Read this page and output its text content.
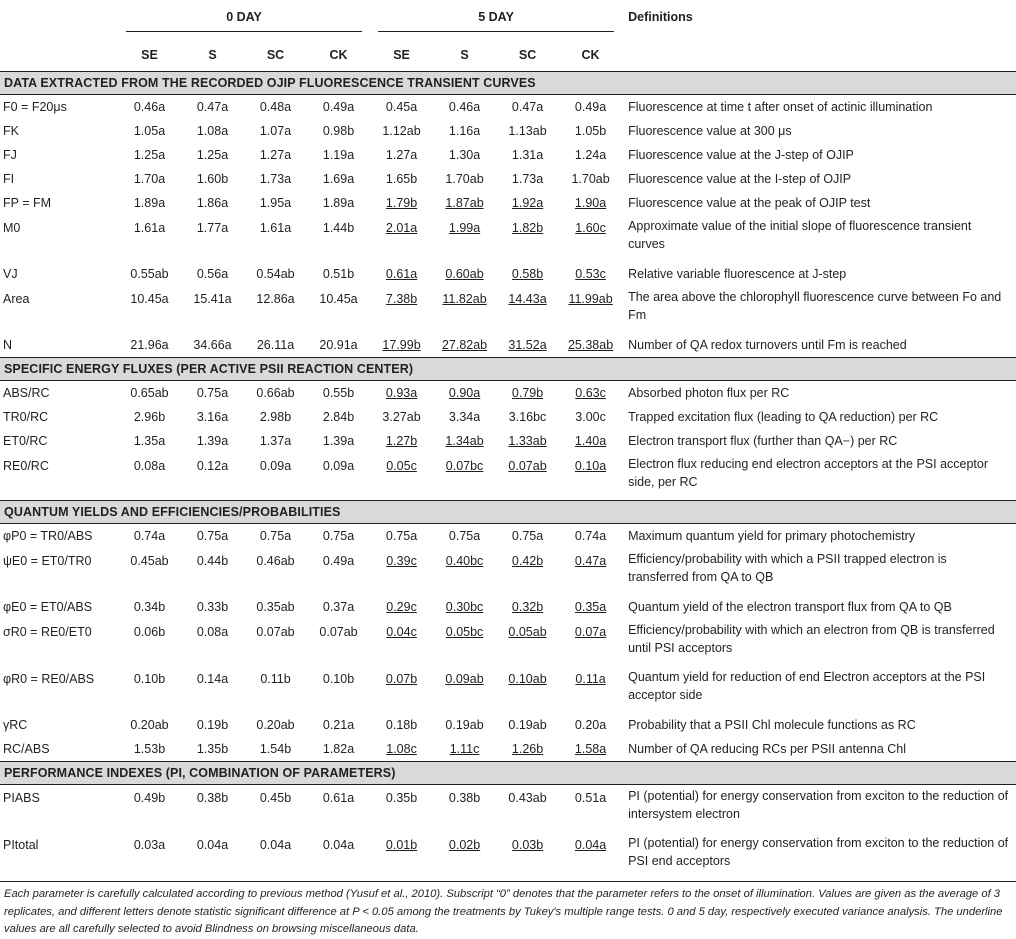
	0 DAY				5 DAY				Definitions
	SE	S	SC	CK	SE	S	SC	CK	
DATA EXTRACTED FROM THE RECORDED OJIP FLUORESCENCE TRANSIENT CURVES									
F0 = F20μs	0.46a	0.47a	0.48a	0.49a	0.45a	0.46a	0.47a	0.49a	Fluorescence at time t after onset of actinic illumination
FK	1.05a	1.08a	1.07a	0.98b	1.12ab	1.16a	1.13ab	1.05b	Fluorescence value at 300 μs
FJ	1.25a	1.25a	1.27a	1.19a	1.27a	1.30a	1.31a	1.24a	Fluorescence value at the J-step of OJIP
FI	1.70a	1.60b	1.73a	1.69a	1.65b	1.70ab	1.73a	1.70ab	Fluorescence value at the I-step of OJIP
FP = FM	1.89a	1.86a	1.95a	1.89a	1.79b	1.87ab	1.92a	1.90a	Fluorescence value at the peak of OJIP test
M0	1.61a	1.77a	1.61a	1.44b	2.01a	1.99a	1.82b	1.60c	Approximate value of the initial slope of fluorescence transient curves
VJ	0.55ab	0.56a	0.54ab	0.51b	0.61a	0.60ab	0.58b	0.53c	Relative variable fluorescence at J-step
Area	10.45a	15.41a	12.86a	10.45a	7.38b	11.82ab	14.43a	11.99ab	The area above the chlorophyll fluorescence curve between Fo and Fm
N	21.96a	34.66a	26.11a	20.91a	17.99b	27.82ab	31.52a	25.38ab	Number of QA redox turnovers until Fm is reached
SPECIFIC ENERGY FLUXES (PER ACTIVE PSII REACTION CENTER)									
ABS/RC	0.65ab	0.75a	0.66ab	0.55b	0.93a	0.90a	0.79b	0.63c	Absorbed photon flux per RC
TR0/RC	2.96b	3.16a	2.98b	2.84b	3.27ab	3.34a	3.16bc	3.00c	Trapped excitation flux (leading to QA reduction) per RC
ET0/RC	1.35a	1.39a	1.37a	1.39a	1.27b	1.34ab	1.33ab	1.40a	Electron transport flux (further than QA−) per RC
RE0/RC	0.08a	0.12a	0.09a	0.09a	0.05c	0.07bc	0.07ab	0.10a	Electron flux reducing end electron acceptors at the PSI acceptor side, per RC
QUANTUM YIELDS AND EFFICIENCIES/PROBABILITIES									
φP0 = TR0/ABS	0.74a	0.75a	0.75a	0.75a	0.75a	0.75a	0.75a	0.74a	Maximum quantum yield for primary photochemistry
ψE0 = ET0/TR0	0.45ab	0.44b	0.46ab	0.49a	0.39c	0.40bc	0.42b	0.47a	Efficiency/probability with which a PSII trapped electron is transferred from QA to QB
φE0 = ET0/ABS	0.34b	0.33b	0.35ab	0.37a	0.29c	0.30bc	0.32b	0.35a	Quantum yield of the electron transport flux from QA to QB
σR0 = RE0/ET0	0.06b	0.08a	0.07ab	0.07ab	0.04c	0.05bc	0.05ab	0.07a	Efficiency/probability with which an electron from QB is transferred until PSI acceptors
φR0 = RE0/ABS	0.10b	0.14a	0.11b	0.10b	0.07b	0.09ab	0.10ab	0.11a	Quantum yield for reduction of end Electron acceptors at the PSI acceptor side
γRC	0.20ab	0.19b	0.20ab	0.21a	0.18b	0.19ab	0.19ab	0.20a	Probability that a PSII Chl molecule functions as RC
RC/ABS	1.53b	1.35b	1.54b	1.82a	1.08c	1.11c	1.26b	1.58a	Number of QA reducing RCs per PSII antenna Chl
PERFORMANCE INDEXES (PI, COMBINATION OF PARAMETERS)									
PIABS	0.49b	0.38b	0.45b	0.61a	0.35b	0.38b	0.43ab	0.51a	PI (potential) for energy conservation from exciton to the reduction of intersystem electron
PItotal	0.03a	0.04a	0.04a	0.04a	0.01b	0.02b	0.03b	0.04a	PI (potential) for energy conservation from exciton to the reduction of PSI end acceptors
Each parameter is carefully calculated according to previous method (Yusuf et al., 2010). Subscript “0” denotes that the parameter refers to the onset of illumination. Values are given as the average of 3 replicates, and different letters denote statistic significant difference at P < 0.05 among the treatments by Tukey's multiple range tests. 0 and 5 day, respectively executed variance analysis. The underline values are all carefully selected to avoid Blindness on browsing miscellaneous data.
